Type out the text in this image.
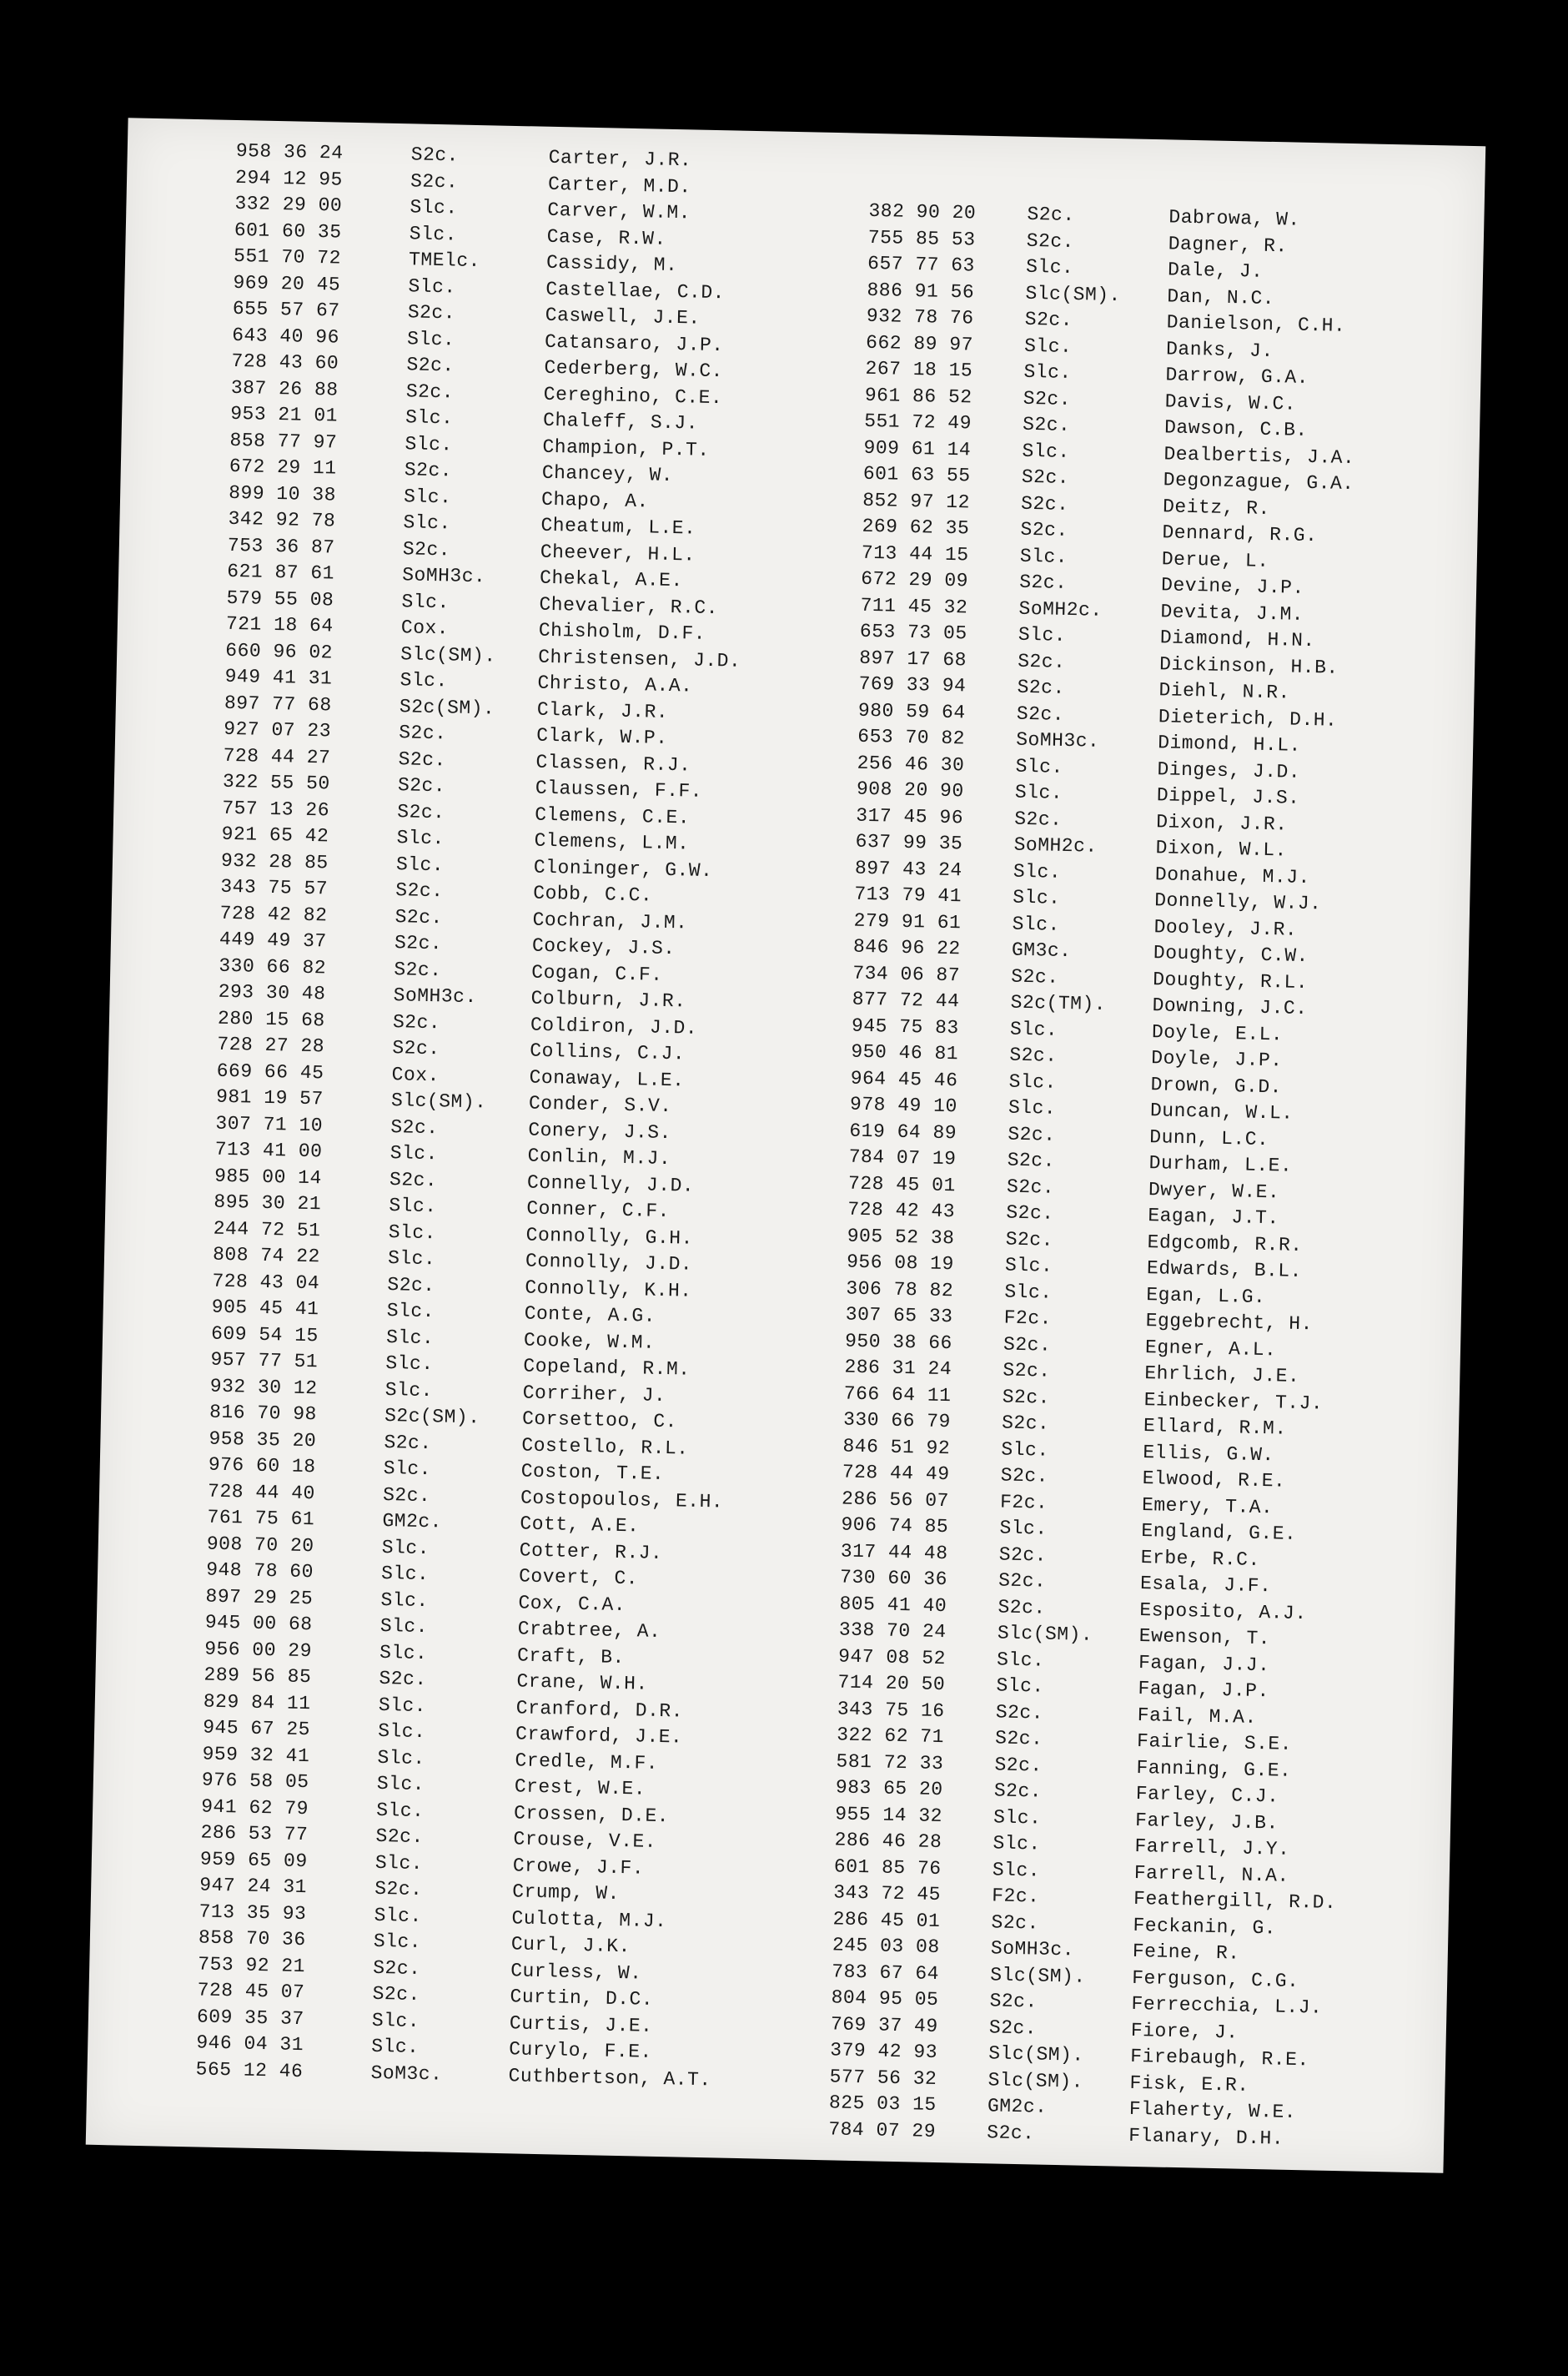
958 36 24	S2c.	Carter, J.R.
294 12 95	S2c.	Carter, M.D.
332 29 00	Slc.	Carver, W.M.
601 60 35	Slc.	Case, R.W.
551 70 72	TMElc.	Cassidy, M.
969 20 45	Slc.	Castellae, C.D.
655 57 67	S2c.	Caswell, J.E.
643 40 96	Slc.	Catansaro, J.P.
728 43 60	S2c.	Cederberg, W.C.
387 26 88	S2c.	Cereghino, C.E.
953 21 01	Slc.	Chaleff, S.J.
858 77 97	Slc.	Champion, P.T.
672 29 11	S2c.	Chancey, W.
899 10 38	Slc.	Chapo, A.
342 92 78	Slc.	Cheatum, L.E.
753 36 87	S2c.	Cheever, H.L.
621 87 61	SoMH3c.	Chekal, A.E.
579 55 08	Slc.	Chevalier, R.C.
721 18 64	Cox.	Chisholm, D.F.
660 96 02	Slc(SM). Christensen, J.D.
949 41 31	Slc.	Christo, A.A.
897 77 68	S2c(SM). Clark, J.R.
927 07 23	S2c.	Clark, W.P.
728 44 27	S2c.	Classen, R.J.
322 55 50	S2c.	Claussen, F.F.
757 13 26	S2c.	Clemens, C.E.
921 65 42	Slc.	Clemens, L.M.
932 28 85	Slc.	Cloninger, G.W.
343 75 57	S2c.	Cobb, C.C.
728 42 82	S2c.	Cochran, J.M.
449 49 37	S2c.	Cockey, J.S.
330 66 82	S2c.	Cogan, C.F.
293 30 48	SoMH3c.	Colburn, J.R.
280 15 68	S2c.	Coldiron, J.D.
728 27 28	S2c.	Collins, C.J.
669 66 45	Cox.	Conaway, L.E.
981 19 57	Slc(SM). Conder, S.V.
307 71 10	S2c.	Conery, J.S.
713 41 00	Slc.	Conlin, M.J.
985 00 14	S2c.	Connelly, J.D.
895 30 21	Slc.	Conner, C.F.
244 72 51	Slc.	Connolly, G.H.
808 74 22	Slc.	Connolly, J.D.
728 43 04	S2c.	Connolly, K.H.
905 45 41	Slc.	Conte, A.G.
609 54 15	Slc.	Cooke, W.M.
957 77 51	Slc.	Copeland, R.M.
932 30 12	Slc.	Corriher, J.
816 70 98	S2c(SM). Corsettoo, C.
958 35 20	S2c.	Costello, R.L.
976 60 18	Slc.	Coston, T.E.
728 44 40	S2c.	Costopoulos, E.H.
761 75 61	GM2c.	Cott, A.E.
908 70 20	Slc.	Cotter, R.J.
948 78 60	Slc.	Covert, C.
897 29 25	Slc.	Cox, C.A.
945 00 68	Slc.	Crabtree, A.
956 00 29	Slc.	Craft, B.
289 56 85	S2c.	Crane, W.H.
829 84 11	Slc.	Cranford, D.R.
945 67 25	Slc.	Crawford, J.E.
959 32 41	Slc.	Credle, M.F.
976 58 05	Slc.	Crest, W.E.
941 62 79	Slc.	Crossen, D.E.
286 53 77	S2c.	Crouse, V.E.
959 65 09	Slc.	Crowe, J.F.
947 24 31	S2c.	Crump, W.
713 35 93	Slc.	Culotta, M.J.
858 70 36	Slc.	Curl, J.K.
753 92 21	S2c.	Curless, W.
728 45 07	S2c.	Curtin, D.C.
609 35 37	Slc.	Curtis, J.E.
946 04 31	Slc.	Curylo, F.E.
565 12 46	SoM3c.	Cuthbertson, A.T.
382 90 20	S2c.	Dabrowa, W.
755 85 53	S2c.	Dagner, R.
657 77 63	Slc.	Dale, J.
886 91 56	Slc(SM). Dan, N.C.
932 78 76	S2c.	Danielson, C.H.
662 89 97	Slc.	Danks, J.
267 18 15	Slc.	Darrow, G.A.
961 86 52	S2c.	Davis, W.C.
551 72 49	S2c.	Dawson, C.B.
909 61 14	Slc.	Dealbertis, J.A.
601 63 55	S2c.	Degonzague, G.A.
852 97 12	S2c.	Deitz, R.
269 62 35	S2c.	Dennard, R.G.
713 44 15	Slc.	Derue, L.
672 29 09	S2c.	Devine, J.P.
711 45 32	SoMH2c.	Devita, J.M.
653 73 05	Slc.	Diamond, H.N.
897 17 68	S2c.	Dickinson, H.B.
769 33 94	S2c.	Diehl, N.R.
980 59 64	S2c.	Dieterich, D.H.
653 70 82	SoMH3c.	Dimond, H.L.
256 46 30	Slc.	Dinges, J.D.
908 20 90	Slc.	Dippel, J.S.
317 45 96	S2c.	Dixon, J.R.
637 99 35	SoMH2c.	Dixon, W.L.
897 43 24	Slc.	Donahue, M.J.
713 79 41	Slc.	Donnelly, W.J.
279 91 61	Slc.	Dooley, J.R.
846 96 22	GM3c.	Doughty, C.W.
734 06 87	S2c.	Doughty, R.L.
877 72 44	S2c(TM). Downing, J.C.
945 75 83	Slc.	Doyle, E.L.
950 46 81	S2c.	Doyle, J.P.
964 45 46	Slc.	Drown, G.D.
978 49 10	Slc.	Duncan, W.L.
619 64 89	S2c.	Dunn, L.C.
784 07 19	S2c.	Durham, L.E.
728 45 01	S2c.	Dwyer, W.E.
728 42 43	S2c.	Eagan, J.T.
905 52 38	S2c.	Edgcomb, R.R.
956 08 19	Slc.	Edwards, B.L.
306 78 82	Slc.	Egan, L.G.
307 65 33	F2c.	Eggebrecht, H.
950 38 66	S2c.	Egner, A.L.
286 31 24	S2c.	Ehrlich, J.E.
766 64 11	S2c.	Einbecker, T.J.
330 66 79	S2c.	Ellard, R.M.
846 51 92	Slc.	Ellis, G.W.
728 44 49	S2c.	Elwood, R.E.
286 56 07	F2c.	Emery, T.A.
906 74 85	Slc.	England, G.E.
317 44 48	S2c.	Erbe, R.C.
730 60 36	S2c.	Esala, J.F.
805 41 40	S2c.	Esposito, A.J.
338 70 24	Slc(SM). Ewenson, T.
947 08 52	Slc.	Fagan, J.J.
714 20 50	Slc.	Fagan, J.P.
343 75 16	S2c.	Fail, M.A.
322 62 71	S2c.	Fairlie, S.E.
581 72 33	S2c.	Fanning, G.E.
983 65 20	S2c.	Farley, C.J.
955 14 32	Slc.	Farley, J.B.
286 46 28	Slc.	Farrell, J.Y.
601 85 76	Slc.	Farrell, N.A.
343 72 45	F2c.	Feathergill, R.D.
286 45 01	S2c.	Feckanin, G.
245 03 08	SoMH3c.	Feine, R.
783 67 64	Slc(SM). Ferguson, C.G.
804 95 05	S2c.	Ferrecchia, L.J.
769 37 49	S2c.	Fiore, J.
379 42 93	Slc(SM). Firebaugh, R.E.
577 56 32	Slc(SM). Fisk, E.R.
825 03 15	GM2c.	Flaherty, W.E.
784 07 29	S2c.	Flanary, D.H.
